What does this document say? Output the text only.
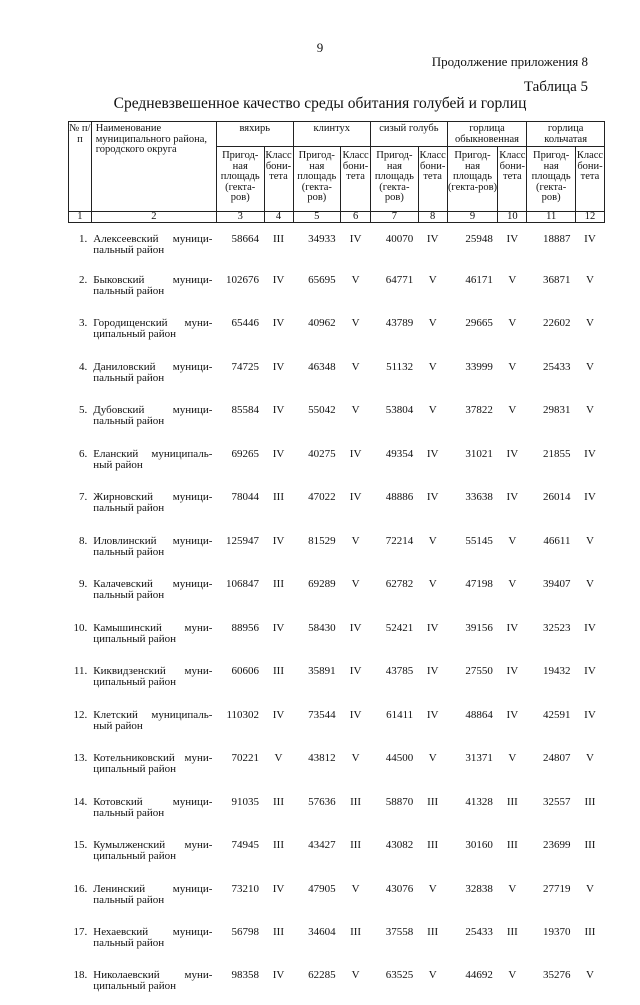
9
Продолжение приложения 8
Таблица 5
Средневзвешенное качество среды обитания голубей и горлиц
№ п/п	Наименование муниципального района, городского округа	вяхирь		клинтух		сизый голубь		горлица обыкновенная		горлица кольчатая	
		Пригод-ная площадь (гекта-ров)	Класс бони-тета	Пригод-ная площадь (гекта-ров)	Класс бони-тета	Пригод-ная площадь (гекта-ров)	Класс бони-тета	Пригод-ная площадь (гекта-ров)	Класс бони-тета	Пригод-ная площадь (гекта-ров)	Класс бони-тета
1	2	3	4	5	6	7	8	9	10	11	12
1.	Алексеевский муници-пальный район	58664	III	34933	IV	40070	IV	25948	IV	18887	IV
2.	Быковский муници-пальный район	102676	IV	65695	V	64771	V	46171	V	36871	V
3.	Городищенский муни-ципальный район	65446	IV	40962	V	43789	V	29665	V	22602	V
4.	Даниловский муници-пальный район	74725	IV	46348	V	51132	V	33999	V	25433	V
5.	Дубовский муници-пальный район	85584	IV	55042	V	53804	V	37822	V	29831	V
6.	Еланский муниципаль-ный район	69265	IV	40275	IV	49354	IV	31021	IV	21855	IV
7.	Жирновский муници-пальный район	78044	III	47022	IV	48886	IV	33638	IV	26014	IV
8.	Иловлинский муници-пальный район	125947	IV	81529	V	72214	V	55145	V	46611	V
9.	Калачевский муници-пальный район	106847	III	69289	V	62782	V	47198	V	39407	V
10.	Камышинский муни-ципальный район	88956	IV	58430	IV	52421	IV	39156	IV	32523	IV
11.	Киквидзенский муни-ципальный район	60606	III	35891	IV	43785	IV	27550	IV	19432	IV
12.	Клетский муниципаль-ный район	110302	IV	73544	IV	61411	IV	48864	IV	42591	IV
13.	Котельниковский муни-ципальный район	70221	V	43812	V	44500	V	31371	V	24807	V
14.	Котовский муници-пальный район	91035	III	57636	III	58870	III	41328	III	32557	III
15.	Кумылженский муни-ципальный район	74945	III	43427	III	43082	III	30160	III	23699	III
16.	Ленинский муници-пальный район	73210	IV	47905	V	43076	V	32838	V	27719	V
17.	Нехаевский муници-пальный район	56798	III	34604	III	37558	III	25433	III	19370	III
18.	Николаевский муни-ципальный район	98358	IV	62285	V	63525	V	44692	V	35276	V
